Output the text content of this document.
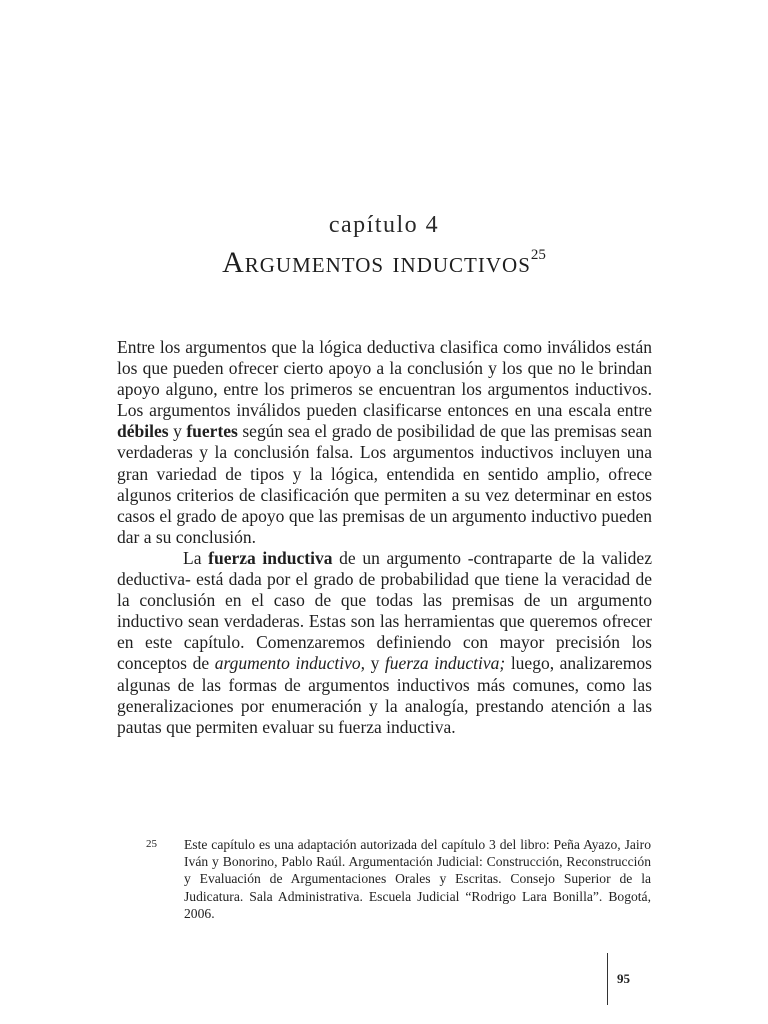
capítulo 4
Argumentos inductivos$^{25}$

Entre los argumentos que la lógica deductiva clasifica como inválidos están los que pueden ofrecer cierto apoyo a la conclusión y los que no le brindan apoyo alguno, entre los primeros se encuentran los argumentos inductivos. Los argumentos inválidos pueden clasificarse entonces en una escala entre débiles y fuertes según sea el grado de posibilidad de que las premisas sean verdaderas y la conclusión falsa. Los argumentos inductivos incluyen una gran variedad de tipos y la lógica, entendida en sentido amplio, ofrece algunos criterios de clasificación que permiten a su vez determinar en estos casos el grado de apoyo que las premisas de un argumento inductivo pueden dar a su conclusión.

La fuerza inductiva de un argumento -contraparte de la validez deductiva- está dada por el grado de probabilidad que tiene la veracidad de la conclusión en el caso de que todas las premisas de un argumento inductivo sean verdaderas. Estas son las herramientas que queremos ofrecer en este capítulo. Comenzaremos definiendo con mayor precisión los conceptos de argumento inductivo, y fuerza inductiva; luego, analizaremos algunas de las formas de argumentos inductivos más comunes, como las generalizaciones por enumeración y la analogía, prestando atención a las pautas que permiten evaluar su fuerza inductiva.

25 Este capítulo es una adaptación autorizada del capítulo 3 del libro: Peña Ayazo, Jairo Iván y Bonorino, Pablo Raúl. Argumentación Judicial: Construcción, Reconstrucción y Evaluación de Argumentaciones Orales y Escritas. Consejo Superior de la Judicatura. Sala Administrativa. Escuela Judicial “Rodrigo Lara Bonilla”. Bogotá, 2006.
95
